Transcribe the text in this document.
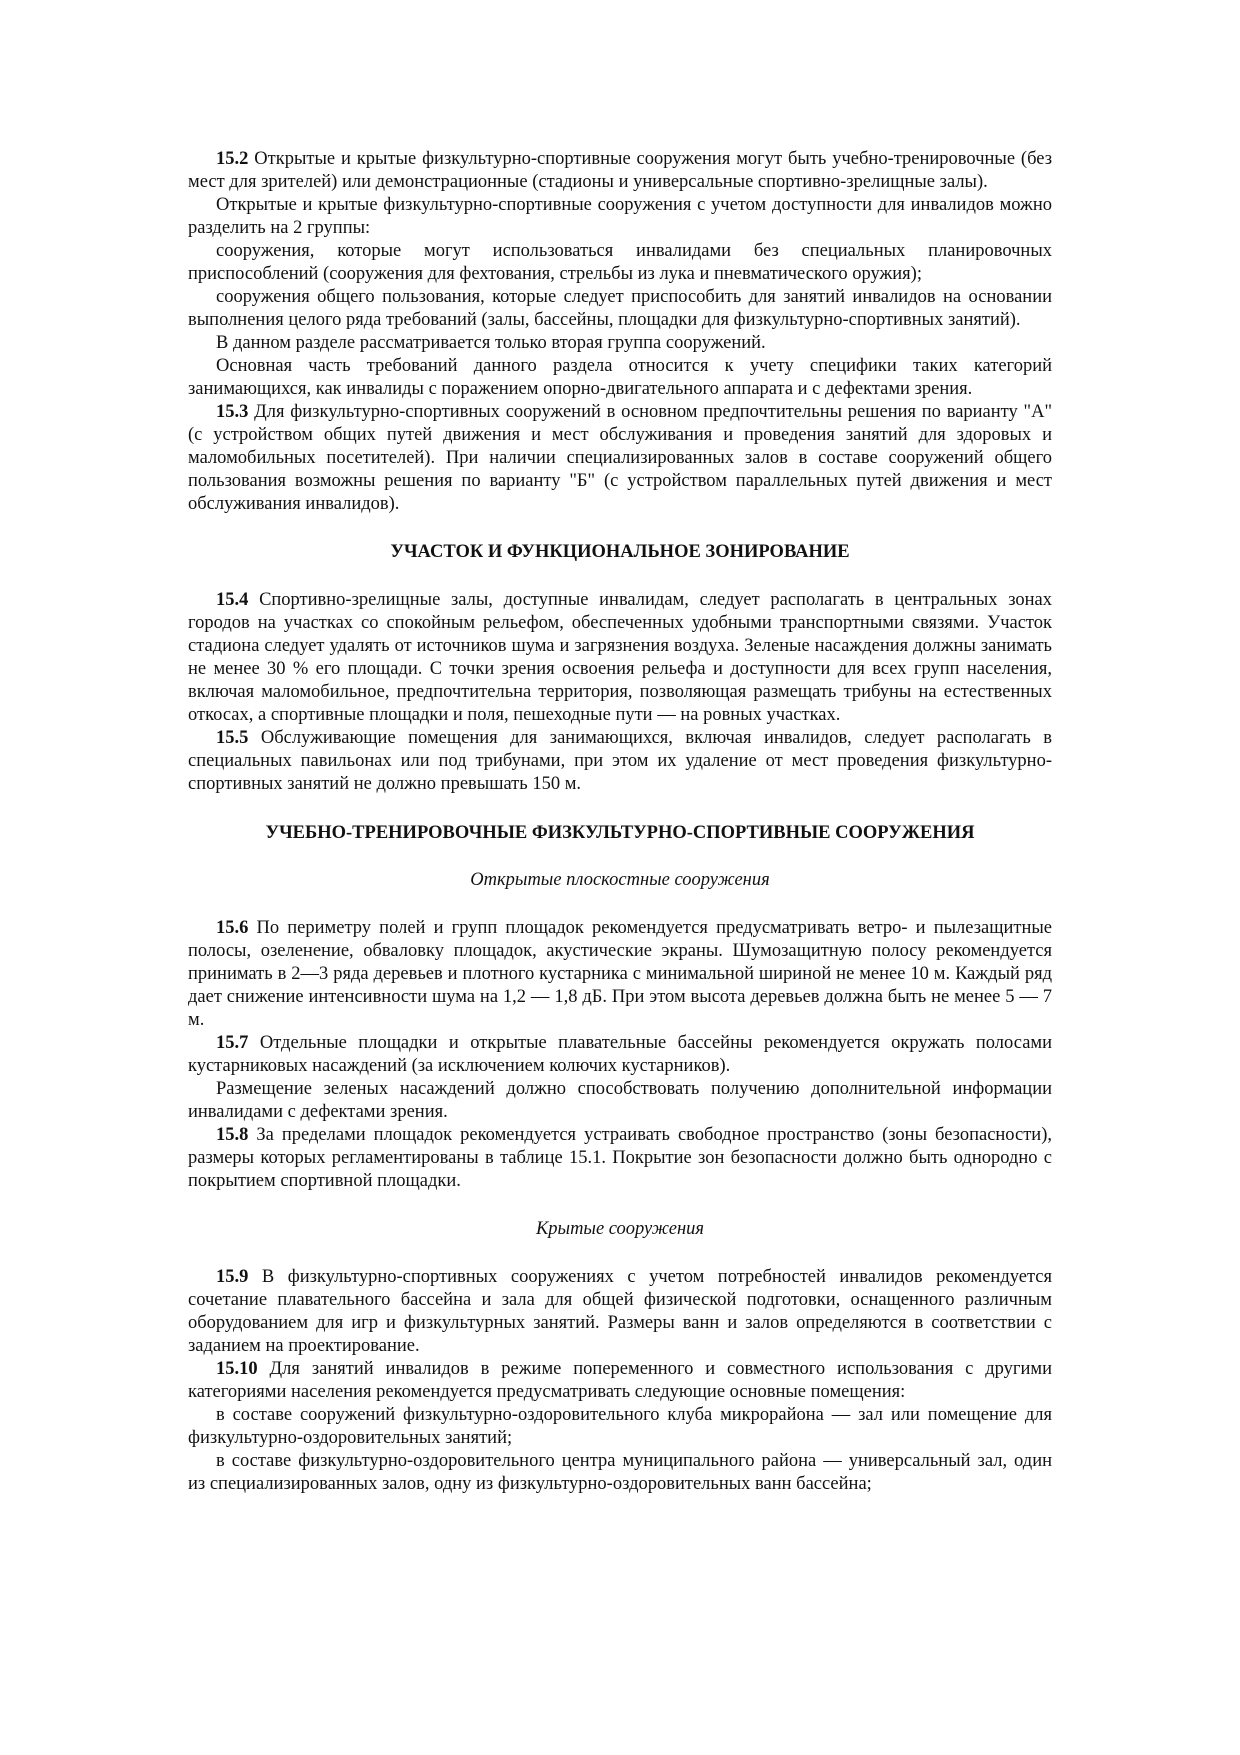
15.2 Открытые и крытые физкультурно-спортивные сооружения могут быть учебно-тренировочные (без мест для зрителей) или демонстрационные (стадионы и универсальные спортивно-зрелищные залы).

Открытые и крытые физкультурно-спортивные сооружения с учетом доступности для инвалидов можно разделить на 2 группы:

сооружения, которые могут использоваться инвалидами без специальных планировочных приспособлений (сооружения для фехтования, стрельбы из лука и пневматического оружия);

сооружения общего пользования, которые следует приспособить для занятий инвалидов на основании выполнения целого ряда требований (залы, бассейны, площадки для физкультурно-спортивных занятий).

В данном разделе рассматривается только вторая группа сооружений.

Основная часть требований данного раздела относится к учету специфики таких категорий занимающихся, как инвалиды с поражением опорно-двигательного аппарата и с дефектами зрения.

15.3 Для физкультурно-спортивных сооружений в основном предпочтительны решения по варианту "А" (с устройством общих путей движения и мест обслуживания и проведения занятий для здоровых и маломобильных посетителей). При наличии специализированных залов в составе сооружений общего пользования возможны решения по варианту "Б" (с устройством параллельных путей движения и мест обслуживания инвалидов).

УЧАСТОК И ФУНКЦИОНАЛЬНОЕ ЗОНИРОВАНИЕ

15.4 Спортивно-зрелищные залы, доступные инвалидам, следует располагать в центральных зонах городов на участках со спокойным рельефом, обеспеченных удобными транспортными связями. Участок стадиона следует удалять от источников шума и загрязнения воздуха. Зеленые насаждения должны занимать не менее 30 % его площади. С точки зрения освоения рельефа и доступности для всех групп населения, включая маломобильное, предпочтительна территория, позволяющая размещать трибуны на естественных откосах, а спортивные площадки и поля, пешеходные пути — на ровных участках.

15.5 Обслуживающие помещения для занимающихся, включая инвалидов, следует располагать в специальных павильонах или под трибунами, при этом их удаление от мест проведения физкультурно-спортивных занятий не должно превышать 150 м.

УЧЕБНО-ТРЕНИРОВОЧНЫЕ ФИЗКУЛЬТУРНО-СПОРТИВНЫЕ СООРУЖЕНИЯ

Открытые плоскостные сооружения

15.6 По периметру полей и групп площадок рекомендуется предусматривать ветро- и пылезащитные полосы, озеленение, обваловку площадок, акустические экраны. Шумозащитную полосу рекомендуется принимать в 2—3 ряда деревьев и плотного кустарника с минимальной шириной не менее 10 м. Каждый ряд дает снижение интенсивности шума на 1,2 — 1,8 дБ. При этом высота деревьев должна быть не менее 5 — 7 м.

15.7 Отдельные площадки и открытые плавательные бассейны рекомендуется окружать полосами кустарниковых насаждений (за исключением колючих кустарников).

Размещение зеленых насаждений должно способствовать получению дополнительной информации инвалидами с дефектами зрения.

15.8 За пределами площадок рекомендуется устраивать свободное пространство (зоны безопасности), размеры которых регламентированы в таблице 15.1. Покрытие зон безопасности должно быть однородно с покрытием спортивной площадки.

Крытые сооружения

15.9 В физкультурно-спортивных сооружениях с учетом потребностей инвалидов рекомендуется сочетание плавательного бассейна и зала для общей физической подготовки, оснащенного различным оборудованием для игр и физкультурных занятий. Размеры ванн и залов определяются в соответствии с заданием на проектирование.

15.10 Для занятий инвалидов в режиме попеременного и совместного использования с другими категориями населения рекомендуется предусматривать следующие основные помещения:

в составе сооружений физкультурно-оздоровительного клуба микрорайона — зал или помещение для физкультурно-оздоровительных занятий;

в составе физкультурно-оздоровительного центра муниципального района — универсальный зал, один из специализированных залов, одну из физкультурно-оздоровительных ванн бассейна;
